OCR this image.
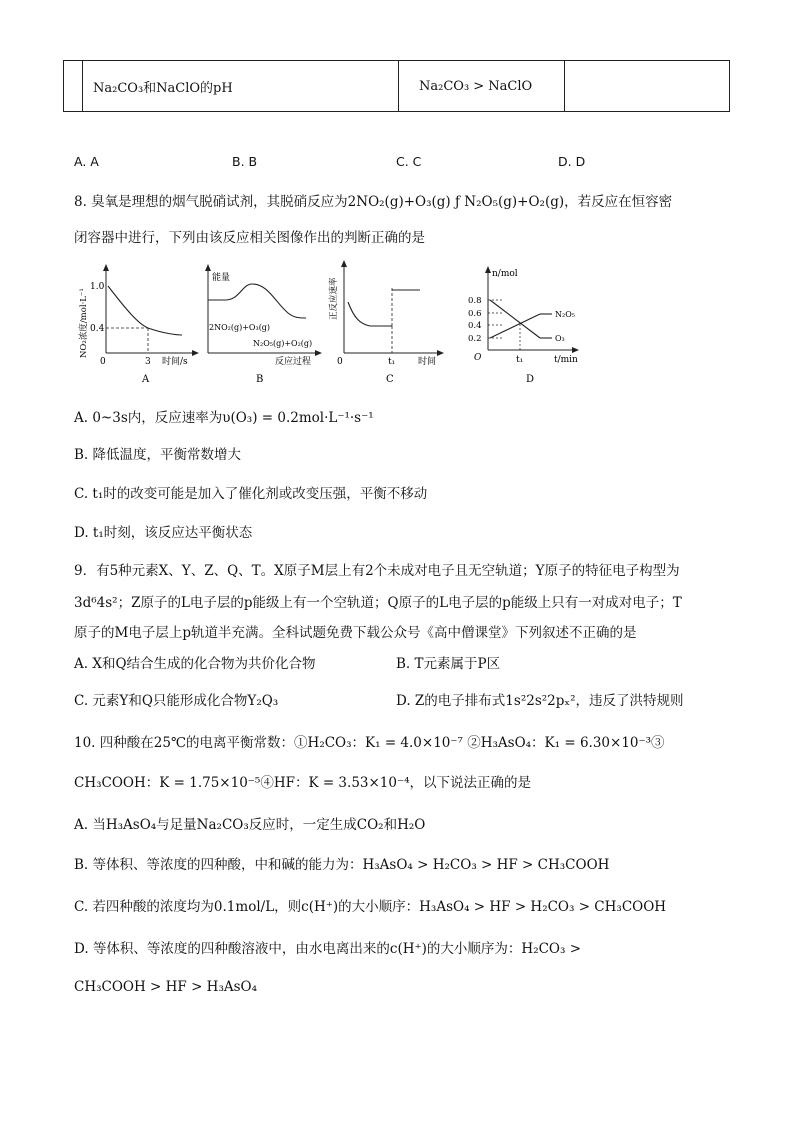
	Na₂CO₃和NaClO的pH	Na₂CO₃ > NaClO	
A. A	B. B	C. C	D. D
8. 臭氧是理想的烟气脱硝试剂，其脱硝反应为2NO₂(g)+O₃(g) ƒ N₂O₅(g)+O₂(g)，若反应在恒容密
闭容器中进行，下列由该反应相关图像作出的判断正确的是
1.0
0.4
0	3 时间/s
NO₂浓度/mol·L⁻¹
A
能量
2NO₂(g)+O₃(g)
N₂O₅(g)+O₂(g)
反应过程
B
0	t₁	时间
正反应速率
C
n/mol
0.8
0.6
0.4
0.2
O	t₁	t/min
N₂O₅
O₃
D
A. 0~3s内，反应速率为υ(O₃) = 0.2mol·L⁻¹·s⁻¹
B. 降低温度，平衡常数增大
C. t₁时的改变可能是加入了催化剂或改变压强，平衡不移动
D. t₁时刻，该反应达平衡状态
9．有5种元素X、Y、Z、Q、T。X原子M层上有2个未成对电子且无空轨道；Y原子的特征电子构型为
3d⁶4s²；Z原子的L电子层的p能级上有一个空轨道；Q原子的L电子层的p能级上只有一对成对电子；T
原子的M电子层上p轨道半充满。全科试题免费下载公众号《高中僧课堂》下列叙述不正确的是
A. X和Q结合生成的化合物为共价化合物	B. T元素属于P区
C. 元素Y和Q只能形成化合物Y₂Q₃	D. Z的电子排布式1s²2s²2pₓ²，违反了洪特规则
10. 四种酸在25℃的电离平衡常数：①H₂CO₃：K₁ = 4.0×10⁻⁷ ②H₃AsO₄：K₁ = 6.30×10⁻³③
CH₃COOH：K = 1.75×10⁻⁵④HF：K = 3.53×10⁻⁴，以下说法正确的是
A. 当H₃AsO₄与足量Na₂CO₃反应时，一定生成CO₂和H₂O
B. 等体积、等浓度的四种酸，中和碱的能力为：H₃AsO₄ > H₂CO₃ > HF > CH₃COOH
C. 若四种酸的浓度均为0.1mol/L，则c(H⁺)的大小顺序：H₃AsO₄ > HF > H₂CO₃ > CH₃COOH
D. 等体积、等浓度的四种酸溶液中，由水电离出来的c(H⁺)的大小顺序为：H₂CO₃ >
CH₃COOH > HF > H₃AsO₄
